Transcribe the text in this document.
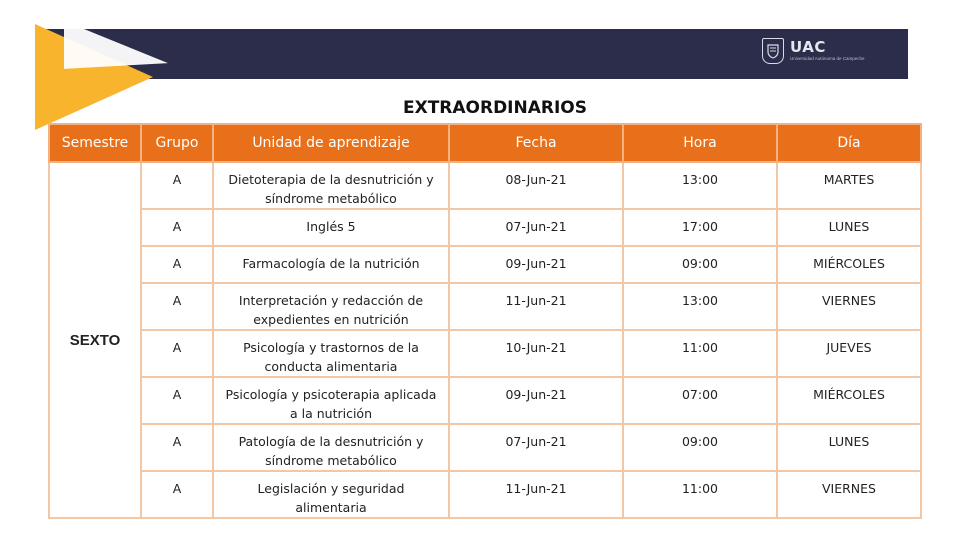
UAC
Universidad Autónoma de Campeche
EXTRAORDINARIOS
Semestre	Grupo	Unidad de aprendizaje	Fecha	Hora	Día
SEXTO	A	Dietoterapia de la desnutrición y síndrome metabólico	08-Jun-21	13:00	MARTES
	A	Inglés 5	07-Jun-21	17:00	LUNES
	A	Farmacología de la nutrición	09-Jun-21	09:00	MIÉRCOLES
	A	Interpretación y redacción de expedientes en nutrición	11-Jun-21	13:00	VIERNES
	A	Psicología y trastornos de la conducta alimentaria	10-Jun-21	11:00	JUEVES
	A	Psicología y psicoterapia aplicada a la nutrición	09-Jun-21	07:00	MIÉRCOLES
	A	Patología de la desnutrición y síndrome metabólico	07-Jun-21	09:00	LUNES
	A	Legislación y seguridad alimentaria	11-Jun-21	11:00	VIERNES
